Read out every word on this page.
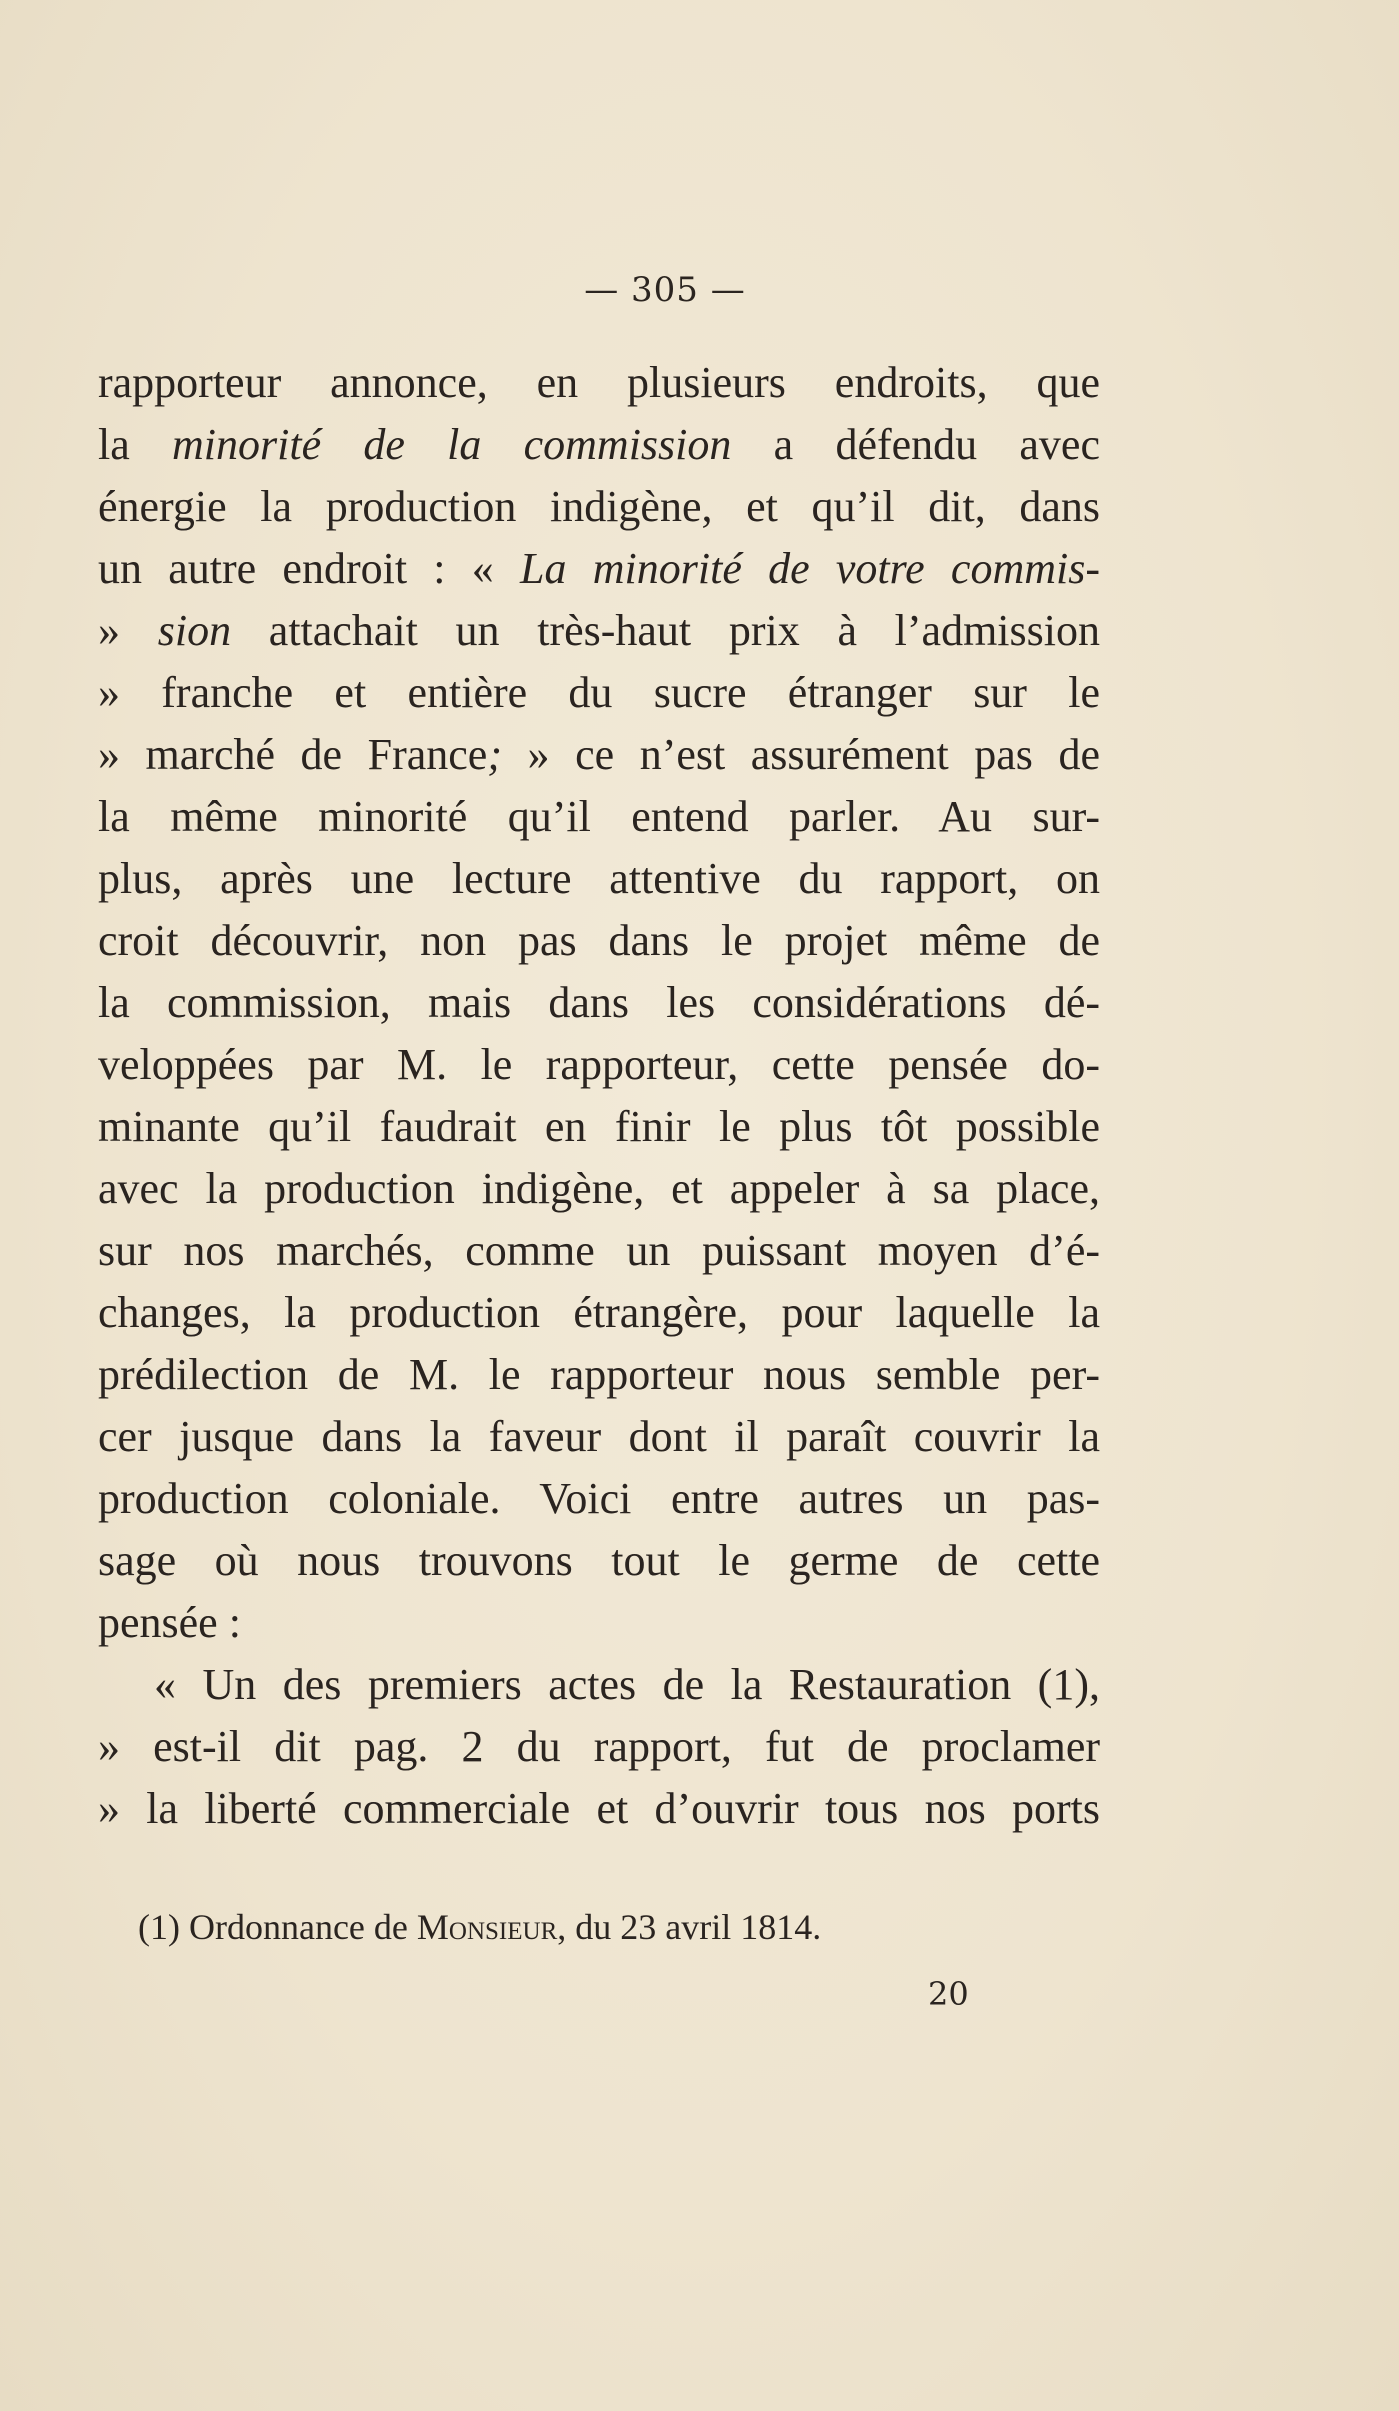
— 305 —
rapporteur annonce, en plusieurs endroits, que
la minorité de la commission a défendu avec
énergie la production indigène, et qu’il dit, dans
un autre endroit : « La minorité de votre commis-
» sion attachait un très-haut prix à l’admission
» franche et entière du sucre étranger sur le
» marché de France; » ce n’est assurément pas de
la même minorité qu’il entend parler. Au sur-
plus, après une lecture attentive du rapport, on
croit découvrir, non pas dans le projet même de
la commission, mais dans les considérations dé-
veloppées par M. le rapporteur, cette pensée do-
minante qu’il faudrait en finir le plus tôt possible
avec la production indigène, et appeler à sa place,
sur nos marchés, comme un puissant moyen d’é-
changes, la production étrangère, pour laquelle la
prédilection de M. le rapporteur nous semble per-
cer jusque dans la faveur dont il paraît couvrir la
production coloniale. Voici entre autres un pas-
sage où nous trouvons tout le germe de cette
pensée :
« Un des premiers actes de la Restauration (1),
» est-il dit pag. 2 du rapport, fut de proclamer
» la liberté commerciale et d’ouvrir tous nos ports
(1) Ordonnance de Monsieur, du 23 avril 1814.
20
